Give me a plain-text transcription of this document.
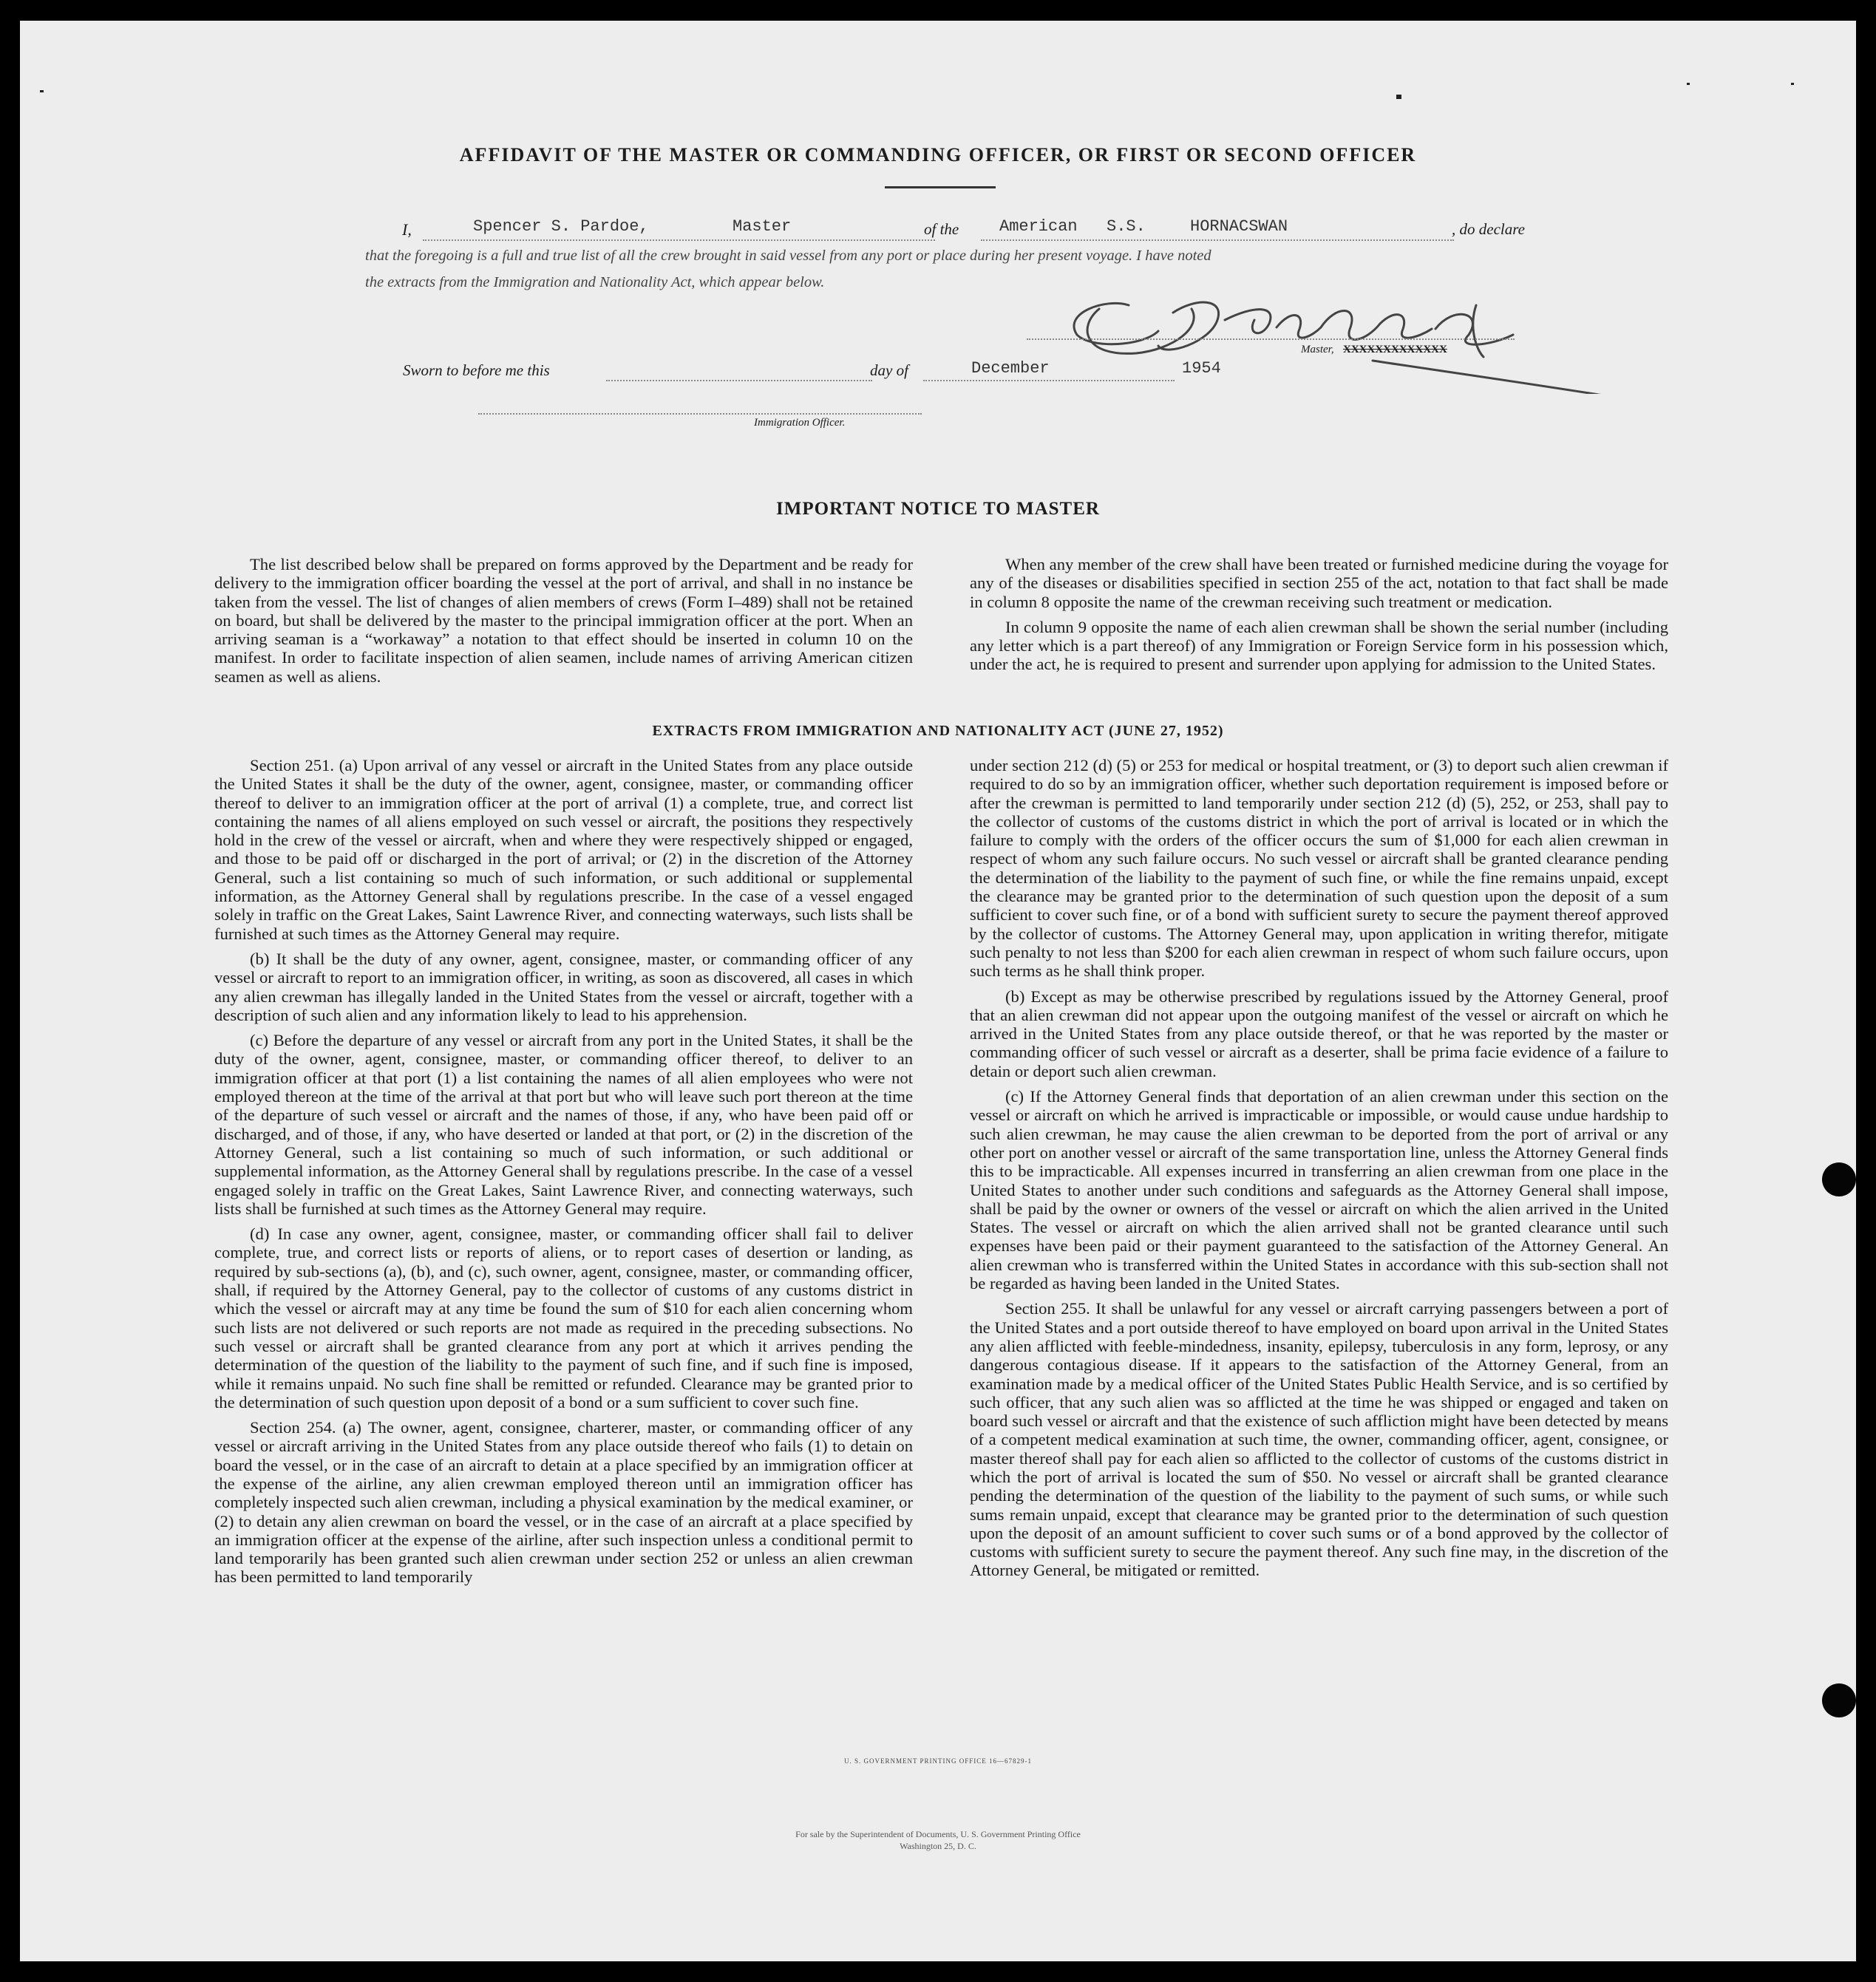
AFFIDAVIT OF THE MASTER OR COMMANDING OFFICER, OR FIRST OR SECOND OFFICER
I,	Spencer S. Pardoe,	Master	of the American S.S.	HORNACSWAN	, do declare
that the foregoing is a full and true list of all the crew brought in said vessel from any port or place during her present voyage. I have noted
the extracts from the Immigration and Nationality Act, which appear below.
Master, XXXXXXXXXXXXX
Sworn to before me this	day of	December	1954
Immigration Officer.
IMPORTANT NOTICE TO MASTER

The list described below shall be prepared on forms approved by the Department and be ready for delivery to the immigration officer boarding the vessel at the port of arrival, and shall in no instance be taken from the vessel. The list of changes of alien members of crews (Form I–489) shall not be retained on board, but shall be delivered by the master to the principal immigration officer at the port. When an arriving seaman is a “workaway” a notation to that effect should be inserted in column 10 on the manifest. In order to facilitate inspection of alien seamen, include names of arriving American citizen seamen as well as aliens.

When any member of the crew shall have been treated or furnished medicine during the voyage for any of the diseases or disabilities specified in section 255 of the act, notation to that fact shall be made in column 8 opposite the name of the crewman receiving such treatment or medication.

In column 9 opposite the name of each alien crewman shall be shown the serial number (including any letter which is a part thereof) of any Immigration or Foreign Service form in his possession which, under the act, he is required to present and surrender upon applying for admission to the United States.

EXTRACTS FROM IMMIGRATION AND NATIONALITY ACT (JUNE 27, 1952)

Section 251. (a) Upon arrival of any vessel or aircraft in the United States from any place outside the United States it shall be the duty of the owner, agent, consignee, master, or commanding officer thereof to deliver to an immigration officer at the port of arrival (1) a complete, true, and correct list containing the names of all aliens employed on such vessel or aircraft, the positions they respectively hold in the crew of the vessel or aircraft, when and where they were respectively shipped or engaged, and those to be paid off or discharged in the port of arrival; or (2) in the discretion of the Attorney General, such a list containing so much of such information, or such additional or supplemental information, as the Attorney General shall by regulations prescribe. In the case of a vessel engaged solely in traffic on the Great Lakes, Saint Lawrence River, and connecting waterways, such lists shall be furnished at such times as the Attorney General may require.

(b) It shall be the duty of any owner, agent, consignee, master, or commanding officer of any vessel or aircraft to report to an immigration officer, in writing, as soon as discovered, all cases in which any alien crewman has illegally landed in the United States from the vessel or aircraft, together with a description of such alien and any information likely to lead to his apprehension.

(c) Before the departure of any vessel or aircraft from any port in the United States, it shall be the duty of the owner, agent, consignee, master, or commanding officer thereof, to deliver to an immigration officer at that port (1) a list containing the names of all alien employees who were not employed thereon at the time of the arrival at that port but who will leave such port thereon at the time of the departure of such vessel or aircraft and the names of those, if any, who have been paid off or discharged, and of those, if any, who have deserted or landed at that port, or (2) in the discretion of the Attorney General, such a list containing so much of such information, or such additional or supplemental information, as the Attorney General shall by regulations prescribe. In the case of a vessel engaged solely in traffic on the Great Lakes, Saint Lawrence River, and connecting waterways, such lists shall be furnished at such times as the Attorney General may require.

(d) In case any owner, agent, consignee, master, or commanding officer shall fail to deliver complete, true, and correct lists or reports of aliens, or to report cases of desertion or landing, as required by sub-sections (a), (b), and (c), such owner, agent, consignee, master, or commanding officer, shall, if required by the Attorney General, pay to the collector of customs of any customs district in which the vessel or aircraft may at any time be found the sum of $10 for each alien concerning whom such lists are not delivered or such reports are not made as required in the preceding subsections. No such vessel or aircraft shall be granted clearance from any port at which it arrives pending the determination of the question of the liability to the payment of such fine, and if such fine is imposed, while it remains unpaid. No such fine shall be remitted or refunded. Clearance may be granted prior to the determination of such question upon deposit of a bond or a sum sufficient to cover such fine.

Section 254. (a) The owner, agent, consignee, charterer, master, or commanding officer of any vessel or aircraft arriving in the United States from any place outside thereof who fails (1) to detain on board the vessel, or in the case of an aircraft to detain at a place specified by an immigration officer at the expense of the airline, any alien crewman employed thereon until an immigration officer has completely inspected such alien crewman, including a physical examination by the medical examiner, or (2) to detain any alien crewman on board the vessel, or in the case of an aircraft at a place specified by an immigration officer at the expense of the airline, after such inspection unless a conditional permit to land temporarily has been granted such alien crewman under section 252 or unless an alien crewman has been permitted to land temporarily

under section 212 (d) (5) or 253 for medical or hospital treatment, or (3) to deport such alien crewman if required to do so by an immigration officer, whether such deportation requirement is imposed before or after the crewman is permitted to land temporarily under section 212 (d) (5), 252, or 253, shall pay to the collector of customs of the customs district in which the port of arrival is located or in which the failure to comply with the orders of the officer occurs the sum of $1,000 for each alien crewman in respect of whom any such failure occurs. No such vessel or aircraft shall be granted clearance pending the determination of the liability to the payment of such fine, or while the fine remains unpaid, except the clearance may be granted prior to the determination of such question upon the deposit of a sum sufficient to cover such fine, or of a bond with sufficient surety to secure the payment thereof approved by the collector of customs. The Attorney General may, upon application in writing therefor, mitigate such penalty to not less than $200 for each alien crewman in respect of whom such failure occurs, upon such terms as he shall think proper.

(b) Except as may be otherwise prescribed by regulations issued by the Attorney General, proof that an alien crewman did not appear upon the outgoing manifest of the vessel or aircraft on which he arrived in the United States from any place outside thereof, or that he was reported by the master or commanding officer of such vessel or aircraft as a deserter, shall be prima facie evidence of a failure to detain or deport such alien crewman.

(c) If the Attorney General finds that deportation of an alien crewman under this section on the vessel or aircraft on which he arrived is impracticable or impossible, or would cause undue hardship to such alien crewman, he may cause the alien crewman to be deported from the port of arrival or any other port on another vessel or aircraft of the same transportation line, unless the Attorney General finds this to be impracticable. All expenses incurred in transferring an alien crewman from one place in the United States to another under such conditions and safeguards as the Attorney General shall impose, shall be paid by the owner or owners of the vessel or aircraft on which the alien arrived in the United States. The vessel or aircraft on which the alien arrived shall not be granted clearance until such expenses have been paid or their payment guaranteed to the satisfaction of the Attorney General. An alien crewman who is transferred within the United States in accordance with this sub-section shall not be regarded as having been landed in the United States.

Section 255. It shall be unlawful for any vessel or aircraft carrying passengers between a port of the United States and a port outside thereof to have employed on board upon arrival in the United States any alien afflicted with feeble-mindedness, insanity, epilepsy, tuberculosis in any form, leprosy, or any dangerous contagious disease. If it appears to the satisfaction of the Attorney General, from an examination made by a medical officer of the United States Public Health Service, and is so certified by such officer, that any such alien was so afflicted at the time he was shipped or engaged and taken on board such vessel or aircraft and that the existence of such affliction might have been detected by means of a competent medical examination at such time, the owner, commanding officer, agent, consignee, or master thereof shall pay for each alien so afflicted to the collector of customs of the customs district in which the port of arrival is located the sum of $50. No vessel or aircraft shall be granted clearance pending the determination of the question of the liability to the payment of such sums, or while such sums remain unpaid, except that clearance may be granted prior to the determination of such question upon the deposit of an amount sufficient to cover such sums or of a bond approved by the collector of customs with sufficient surety to secure the payment thereof. Any such fine may, in the discretion of the Attorney General, be mitigated or remitted.

U. S. GOVERNMENT PRINTING OFFICE 16—67829-1
For sale by the Superintendent of Documents, U. S. Government Printing Office
Washington 25, D. C.
